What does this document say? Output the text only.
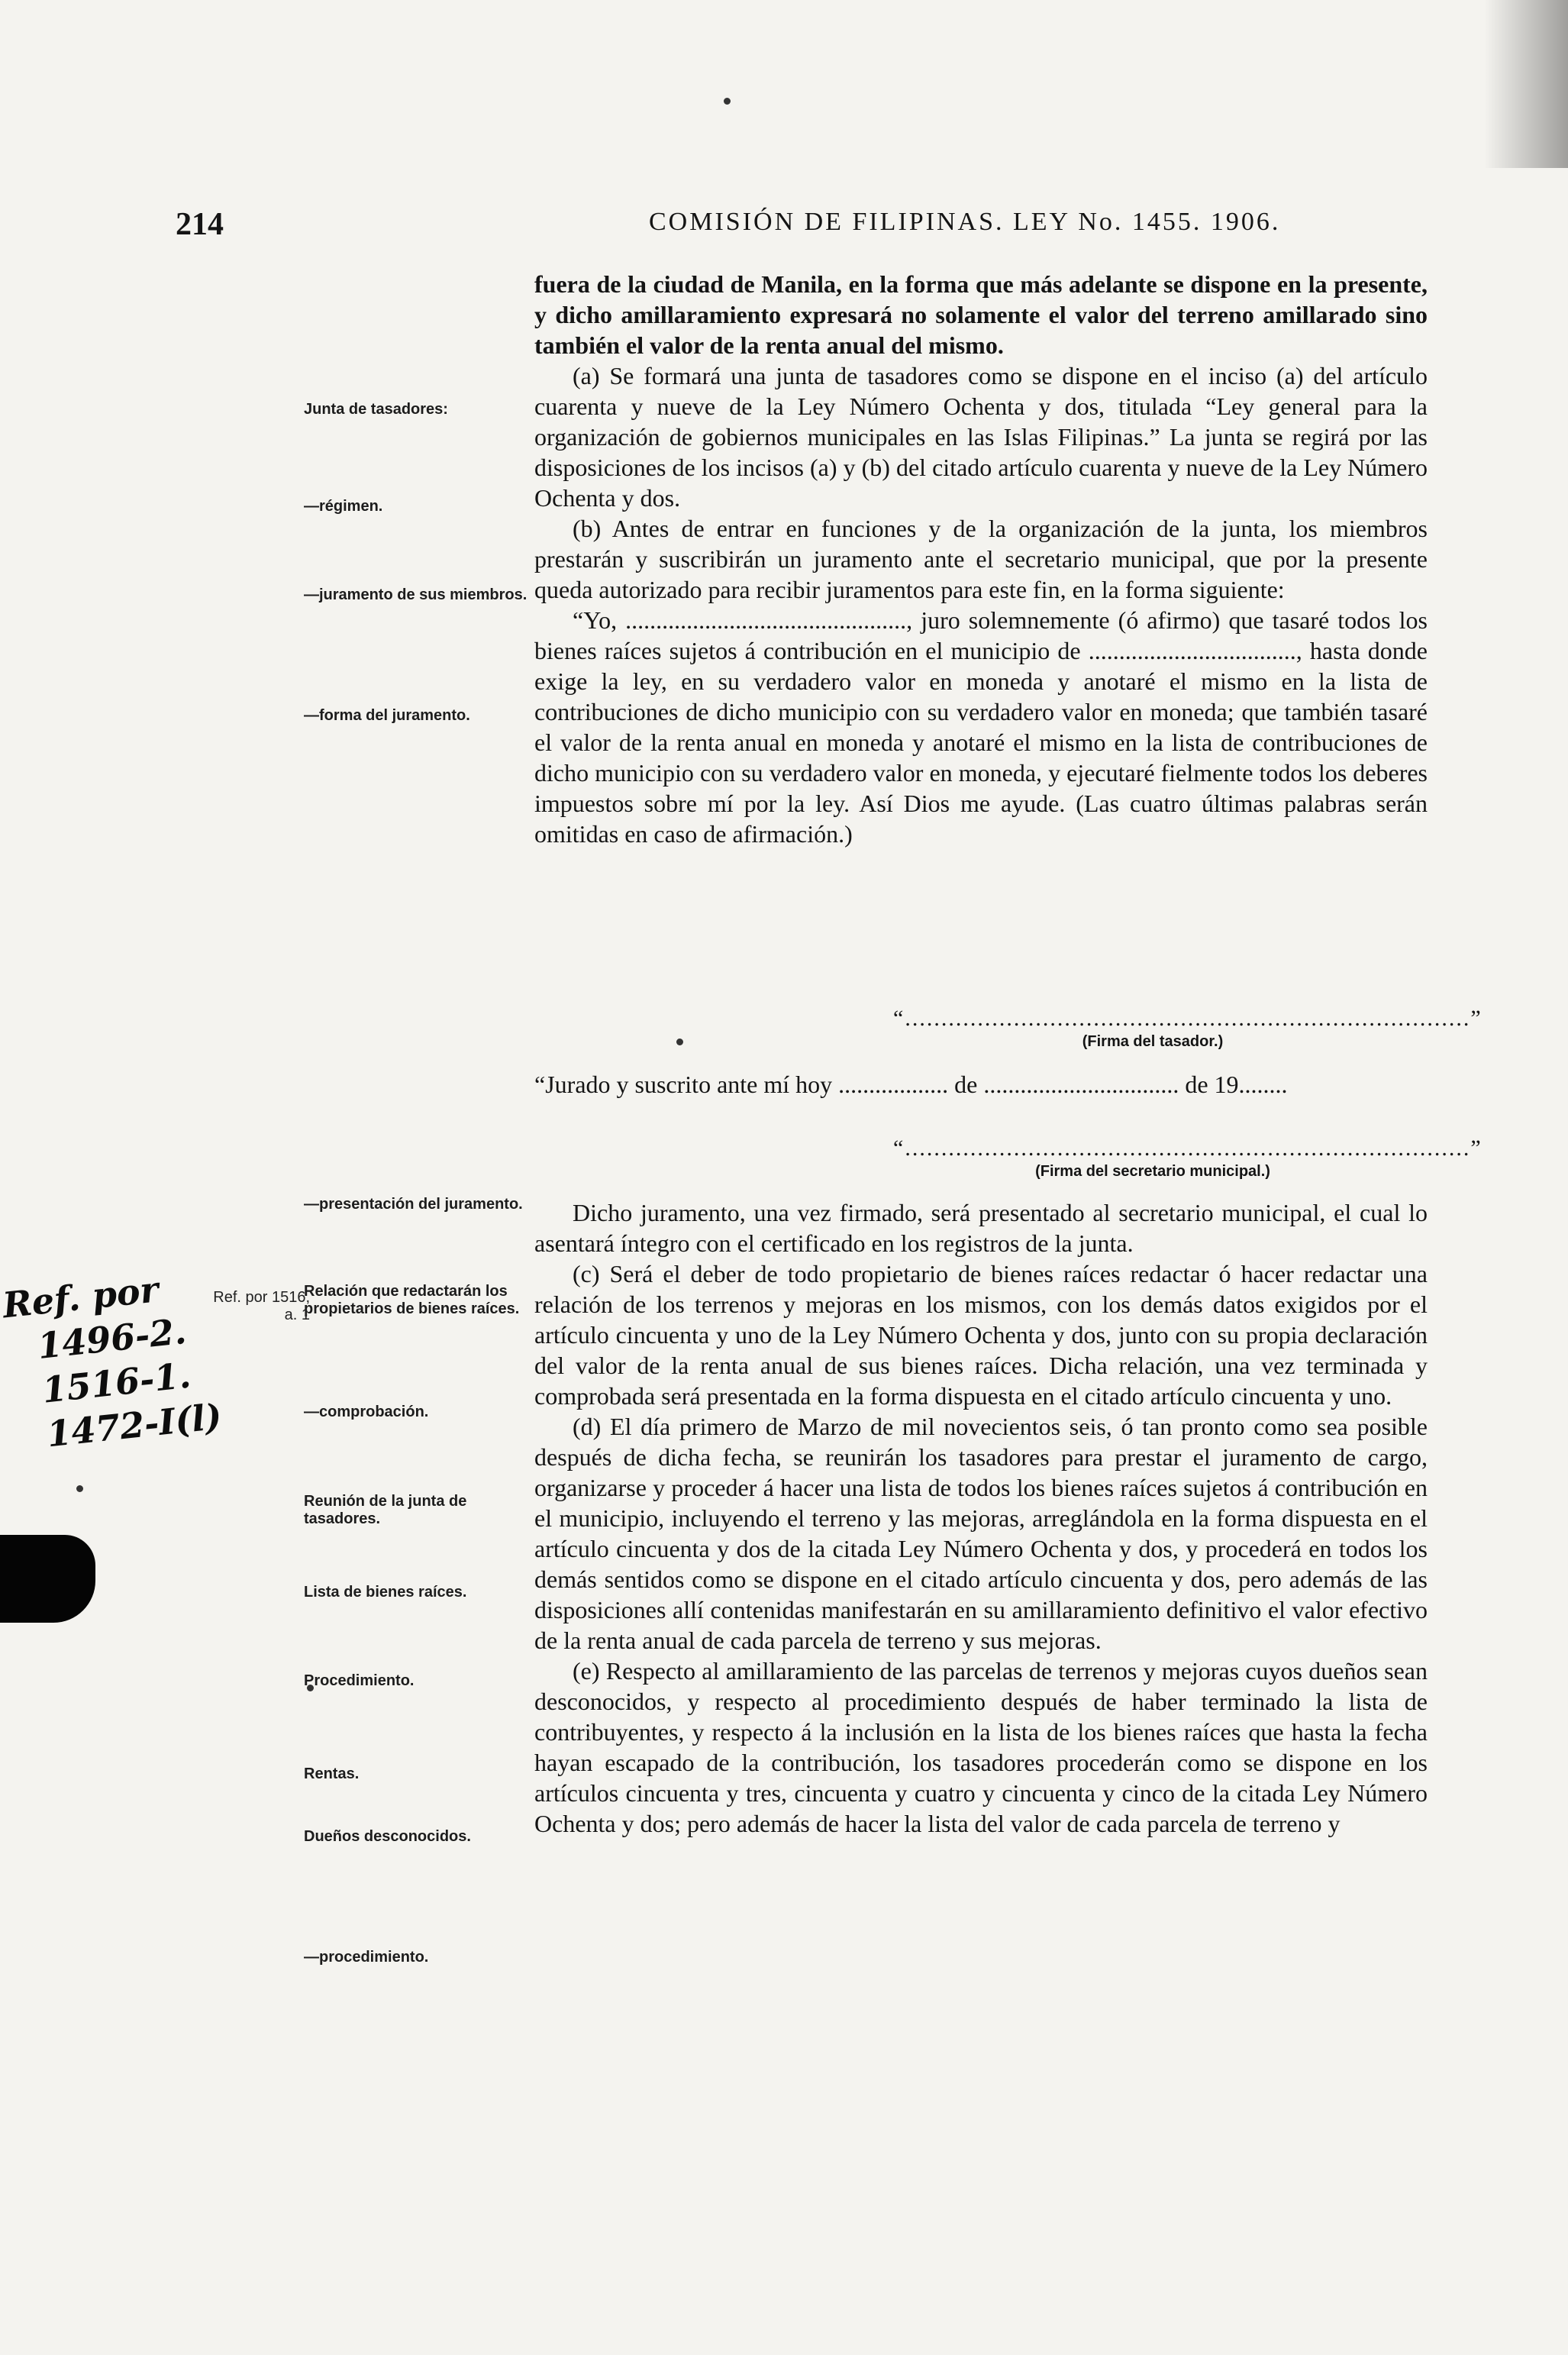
214	COMISIÓN DE FILIPINAS. LEY No. 1455. 1906.

fuera de la ciudad de Manila, en la forma que más adelante se dispone en la presente, y dicho amillaramiento expresará no solamente el valor del terreno amillarado sino también el valor de la renta anual del mismo.

(a) Se formará una junta de tasadores como se dispone en el inciso (a) del artículo cuarenta y nueve de la Ley Número Ochenta y dos, titulada “Ley general para la organización de gobiernos municipales en las Islas Filipinas.” La junta se regirá por las disposiciones de los incisos (a) y (b) del citado artículo cuarenta y nueve de la Ley Número Ochenta y dos.

(b) Antes de entrar en funciones y de la organización de la junta, los miembros prestarán y suscribirán un juramento ante el secretario municipal, que por la presente queda autorizado para recibir juramentos para este fin, en la forma siguiente:

“Yo, .............................................., juro solemnemente (ó afirmo) que tasaré todos los bienes raíces sujetos á contribución en el municipio de .................................., hasta donde exige la ley, en su verdadero valor en moneda y anotaré el mismo en la lista de contribuciones de dicho municipio con su verdadero valor en moneda; que también tasaré el valor de la renta anual en moneda y anotaré el mismo en la lista de contribuciones de dicho municipio con su verdadero valor en moneda, y ejecutaré fielmente todos los deberes impuestos sobre mí por la ley. Así Dios me ayude. (Las cuatro últimas palabras serán omitidas en caso de afirmación.)

“..............................................................................”
(Firma del tasador.)
“Jurado y suscrito ante mí hoy .................. de ................................ de 19........
“..............................................................................”
(Firma del secretario municipal.)

Dicho juramento, una vez firmado, será presentado al secretario municipal, el cual lo asentará íntegro con el certificado en los registros de la junta.

(c) Será el deber de todo propietario de bienes raíces redactar ó hacer redactar una relación de los terrenos y mejoras en los mismos, con los demás datos exigidos por el artículo cincuenta y uno de la Ley Número Ochenta y dos, junto con su propia declaración del valor de la renta anual de sus bienes raíces. Dicha relación, una vez terminada y comprobada será presentada en la forma dispuesta en el citado artículo cincuenta y uno.

(d) El día primero de Marzo de mil novecientos seis, ó tan pronto como sea posible después de dicha fecha, se reunirán los tasadores para prestar el juramento de cargo, organizarse y proceder á hacer una lista de todos los bienes raíces sujetos á contribución en el municipio, incluyendo el terreno y las mejoras, arreglándola en la forma dispuesta en el artículo cincuenta y dos de la citada Ley Número Ochenta y dos, y procederá en todos los demás sentidos como se dispone en el citado artículo cincuenta y dos, pero además de las disposiciones allí contenidas manifestarán en su amillaramiento definitivo el valor efectivo de la renta anual de cada parcela de terreno y sus mejoras.

(e) Respecto al amillaramiento de las parcelas de terrenos y mejoras cuyos dueños sean desconocidos, y respecto al procedimiento después de haber terminado la lista de contribuyentes, y respecto á la inclusión en la lista de los bienes raíces que hasta la fecha hayan escapado de la contribución, los tasadores procederán como se dispone en los artículos cincuenta y tres, cincuenta y cuatro y cincuenta y cinco de la citada Ley Número Ochenta y dos; pero además de hacer la lista del valor de cada parcela de terreno y

Junta de tasadores:
—régimen.
—juramento de sus miembros.
—forma del juramento.
—presentación del juramento.
Relación que redactarán los propietarios de bienes raíces.
—comprobación.
Reunión de la junta de tasadores.
Lista de bienes raíces.
Procedimiento.
Rentas.
Dueños desconocidos.
—procedimiento.
Ref. por 1516, a. 1
Ref. por
1496-2.
1516-1.
1472-I(l)
